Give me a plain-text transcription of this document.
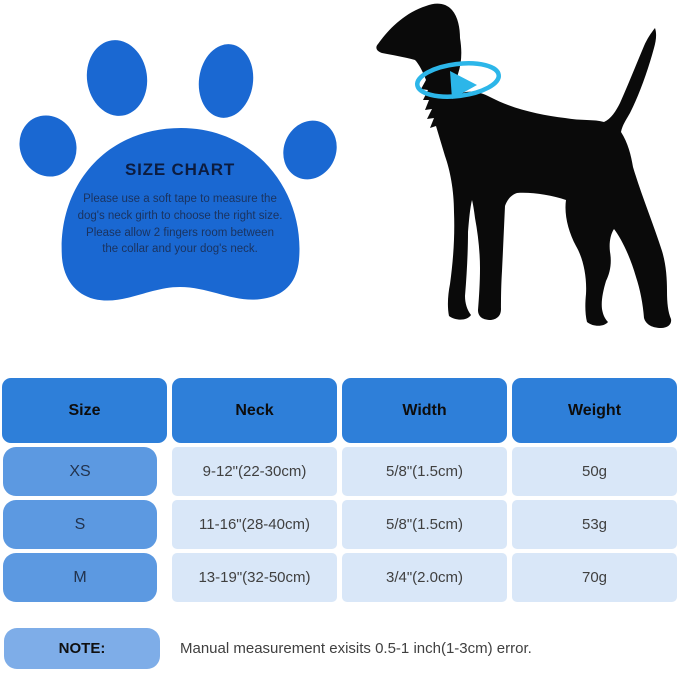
SIZE CHART
Please use a soft tape to measure the
dog's neck girth to choose the right size.
Please allow 2 fingers room between
the collar and your dog's neck.
Size	Neck	Width	Weight
XS	9-12"(22-30cm)	5/8"(1.5cm)	50g
S	11-16"(28-40cm)	5/8"(1.5cm)	53g
M	13-19"(32-50cm)	3/4"(2.0cm)	70g
NOTE:	Manual measurement exisits 0.5-1 inch(1-3cm) error.
